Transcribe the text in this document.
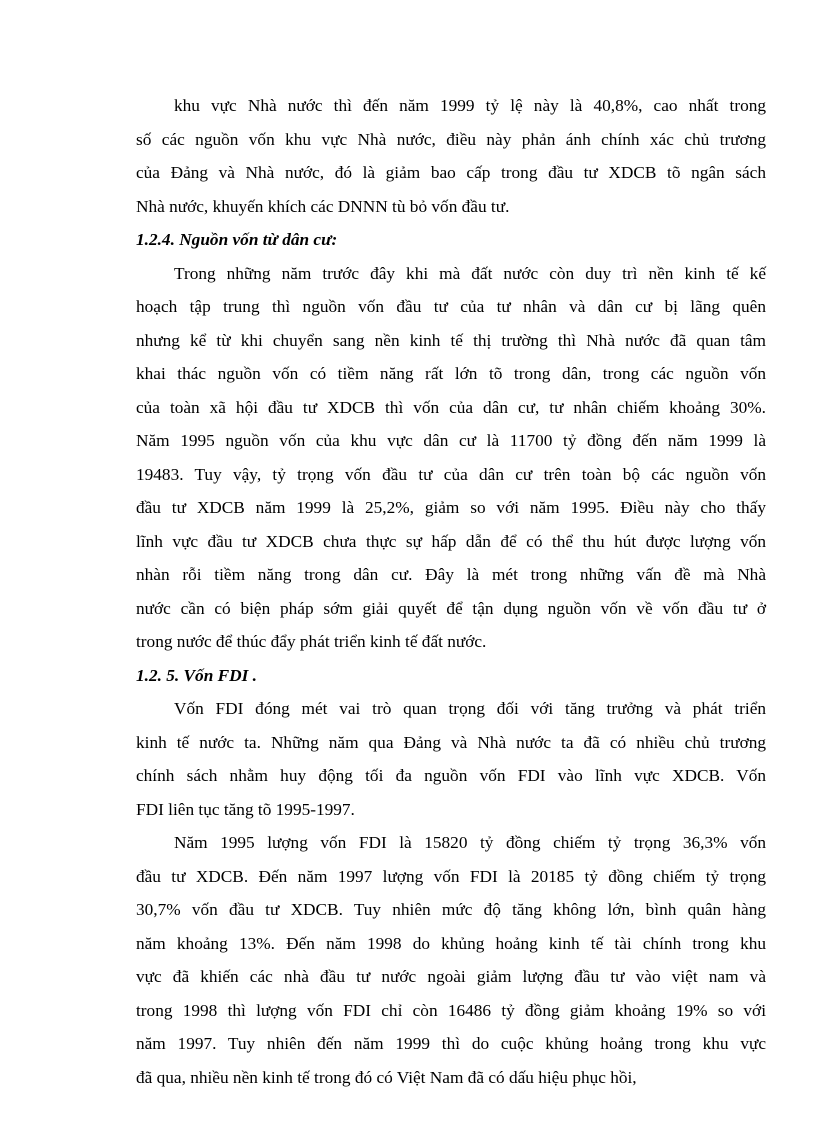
khu vực Nhà nước thì đến năm 1999 tỷ lệ này là 40,8%, cao nhất trong

số các nguồn vốn khu vực Nhà nước, điều này phản ánh chính xác chủ trương

của Đảng và Nhà nước, đó là giảm bao cấp trong đầu tư XDCB tõ ngân sách

Nhà nước, khuyến khích các DNNN tù bỏ vốn đầu tư.

1.2.4. Nguồn vốn từ dân cư:

Trong những năm trước đây khi mà đất nước còn duy trì nền kinh tế kế

hoạch tập trung thì nguồn vốn đầu tư của tư nhân và dân cư bị lãng quên

nhưng kể từ khi chuyển sang nền kinh tế thị trường thì Nhà nước đã quan tâm

khai thác nguồn vốn có tiềm năng rất lớn tõ trong dân, trong các nguồn vốn

của toàn xã hội đầu tư XDCB thì vốn của dân cư, tư nhân chiếm khoảng 30%.

Năm 1995 nguồn vốn của khu vực dân cư là 11700 tỷ đồng đến năm 1999 là

19483. Tuy vậy, tỷ trọng vốn đầu tư của dân cư trên toàn bộ các nguồn vốn

đầu tư XDCB năm 1999 là 25,2%, giảm so với năm 1995. Điều này cho thấy

lĩnh vực đầu tư XDCB chưa thực sự hấp dẫn để có thể thu hút được lượng vốn

nhàn rỗi tiềm năng trong dân cư. Đây là mét trong những vấn đề mà Nhà

nước cần có biện pháp sớm giải quyết để tận dụng nguồn vốn về vốn đầu tư ở

trong nước để thúc đẩy phát triển kinh tế đất nước.

1.2. 5. Vốn FDI .

Vốn FDI đóng mét vai trò quan trọng đối với tăng trưởng và phát triển

kinh tế nước ta. Những năm qua Đảng và Nhà nước ta đã có nhiều chủ trương

chính sách nhằm huy động tối đa nguồn vốn FDI vào lĩnh vực XDCB. Vốn

FDI liên tục tăng tõ 1995-1997.

Năm 1995 lượng vốn FDI là 15820 tỷ đồng chiếm tỷ trọng 36,3% vốn

đầu tư XDCB. Đến năm 1997 lượng vốn FDI là 20185 tỷ đồng chiếm tỷ trọng

30,7% vốn đầu tư XDCB. Tuy nhiên mức độ tăng không lớn, bình quân hàng

năm khoảng 13%. Đến năm 1998 do khủng hoảng kinh tế tài chính trong khu

vực đã khiến các nhà đầu tư nước ngoài giảm lượng đầu tư vào việt nam và

trong 1998 thì lượng vốn FDI chỉ còn 16486 tỷ đồng giảm khoảng 19% so với

năm 1997. Tuy nhiên đến năm 1999 thì do cuộc khủng hoảng trong khu vực

đã qua, nhiều nền kinh tế trong đó có Việt Nam đã có dấu hiệu phục hồi,
